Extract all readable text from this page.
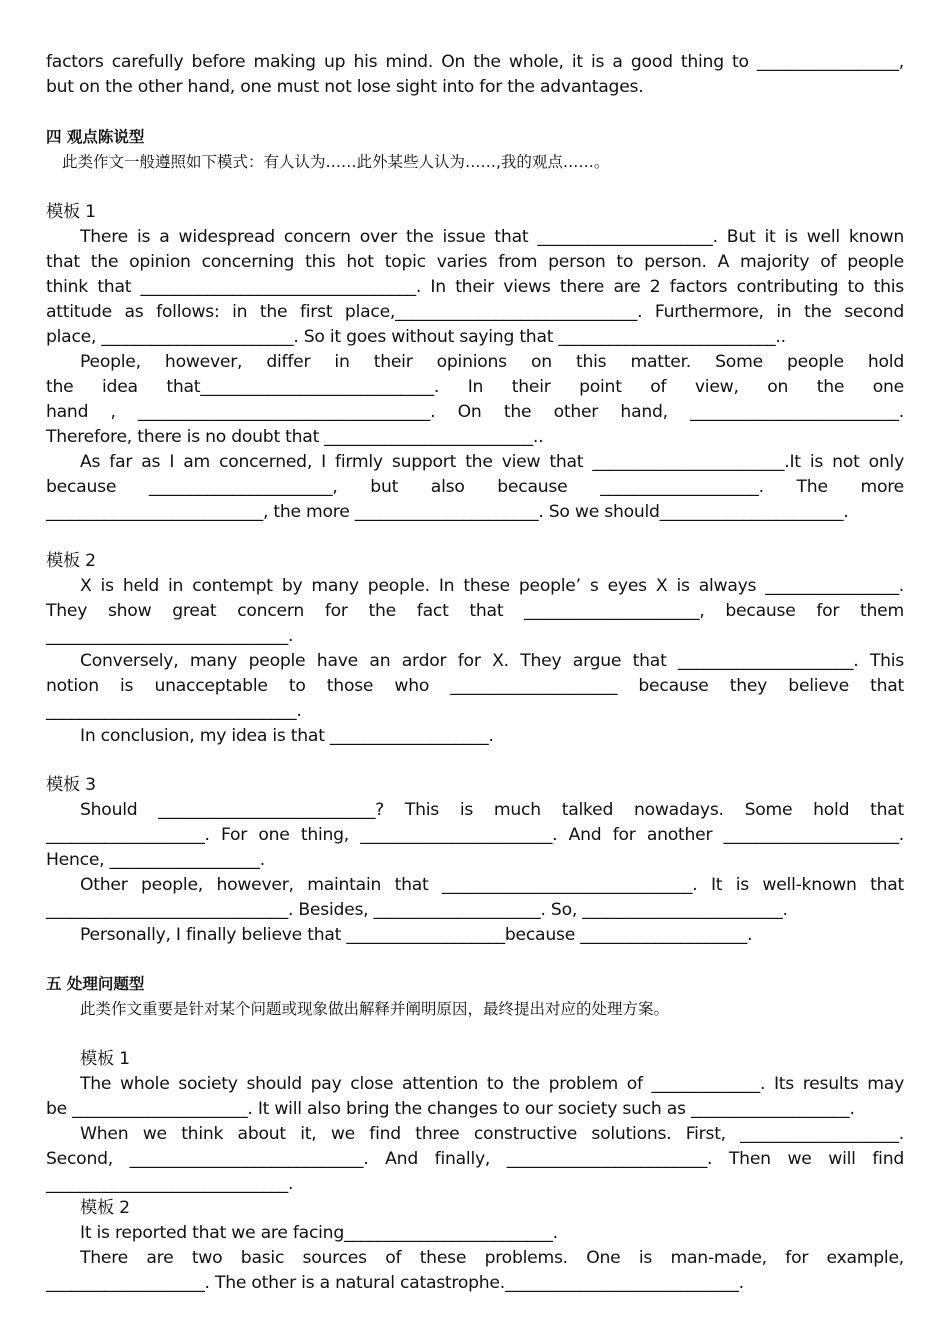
factors carefully before making up his mind. On the whole, it is a good thing to _________________,
but on the other hand, one must not lose sight into for the advantages.
四 观点陈说型
此类作文一般遵照如下模式：有人认为……此外某些人认为……,我的观点……。
模板 1
There is a widespread concern over the issue that _____________________. But it is well known
that the opinion concerning this hot topic varies from person to person. A majority of people
think that _________________________________. In their views there are 2 factors contributing to this
attitude as follows: in the first place,_____________________________. Furthermore, in the second
place, _______________________. So it goes without saying that __________________________..
People, however, differ in their opinions on this matter. Some people hold
the idea that____________________________. In their point of view, on the one
hand , ___________________________________. On the other hand, _________________________.
Therefore, there is no doubt that _________________________..
As far as I am concerned, I firmly support the view that _______________________.It is not only
because ______________________, but also because ___________________. The more
__________________________, the more ______________________. So we should______________________.
模板 2
X is held in contempt by many people. In these people’ s eyes X is always ________________.
They show great concern for the fact that _____________________, because for them
_____________________________.
Conversely, many people have an ardor for X. They argue that _____________________. This
notion is unacceptable to those who ____________________ because they believe that
______________________________.
In conclusion, my idea is that ___________________.
模板 3
Should __________________________? This is much talked nowadays. Some hold that
___________________. For one thing, _______________________. And for another _____________________.
Hence, __________________.
Other people, however, maintain that ______________________________. It is well-known that
_____________________________. Besides, ____________________. So, ________________________.
Personally, I finally believe that ___________________because ____________________.
五 处理问题型
此类作文重要是针对某个问题或现象做出解释并阐明原因，最终提出对应的处理方案。
模板 1
The whole society should pay close attention to the problem of _____________. Its results may
be _____________________. It will also bring the changes to our society such as ___________________.
When we think about it, we find three constructive solutions. First, ___________________.
Second, ____________________________. And finally, ________________________. Then we will find
_____________________________.
模板 2
It is reported that we are facing_________________________.
There are two basic sources of these problems. One is man-made, for example,
___________________. The other is a natural catastrophe.____________________________.
